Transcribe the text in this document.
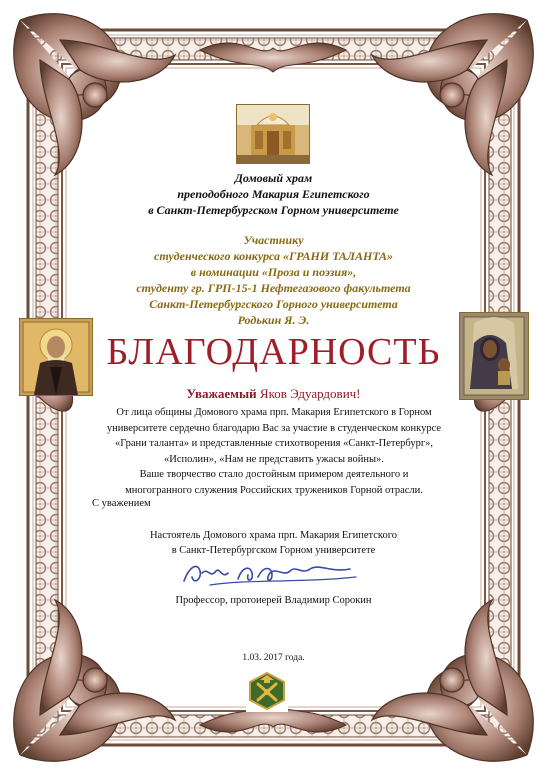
Домовый храм
преподобного Макария Египетского
в Санкт-Петербургском Горном университете
Участнику
студенческого конкурса «ГРАНИ ТАЛАНТА»
в номинации «Проза и поэзия»,
студенту гр. ГРП-15-1 Нефтегазового факультета
Санкт-Петербургского Горного университета
Родькин Я. Э.
БЛАГОДАРНОСТЬ
Уважаемый Яков Эдуардович!
От лица общины Домового храма прп. Макария Египетского в Горном
университете сердечно благодарю Вас за участие в студенческом конкурсе
«Грани таланта» и представленные стихотворения «Санкт-Петербург»,
«Исполин», «Нам не представить ужасы войны».
Ваше творчество стало достойным примером деятельного и
многогранного служения Российских тружеников Горной отрасли.
С уважением
Настоятель Домового храма прп. Макария Египетского
в Санкт-Петербургском Горном университете
Профессор, протоиерей Владимир Сорокин
1.03. 2017 года.
